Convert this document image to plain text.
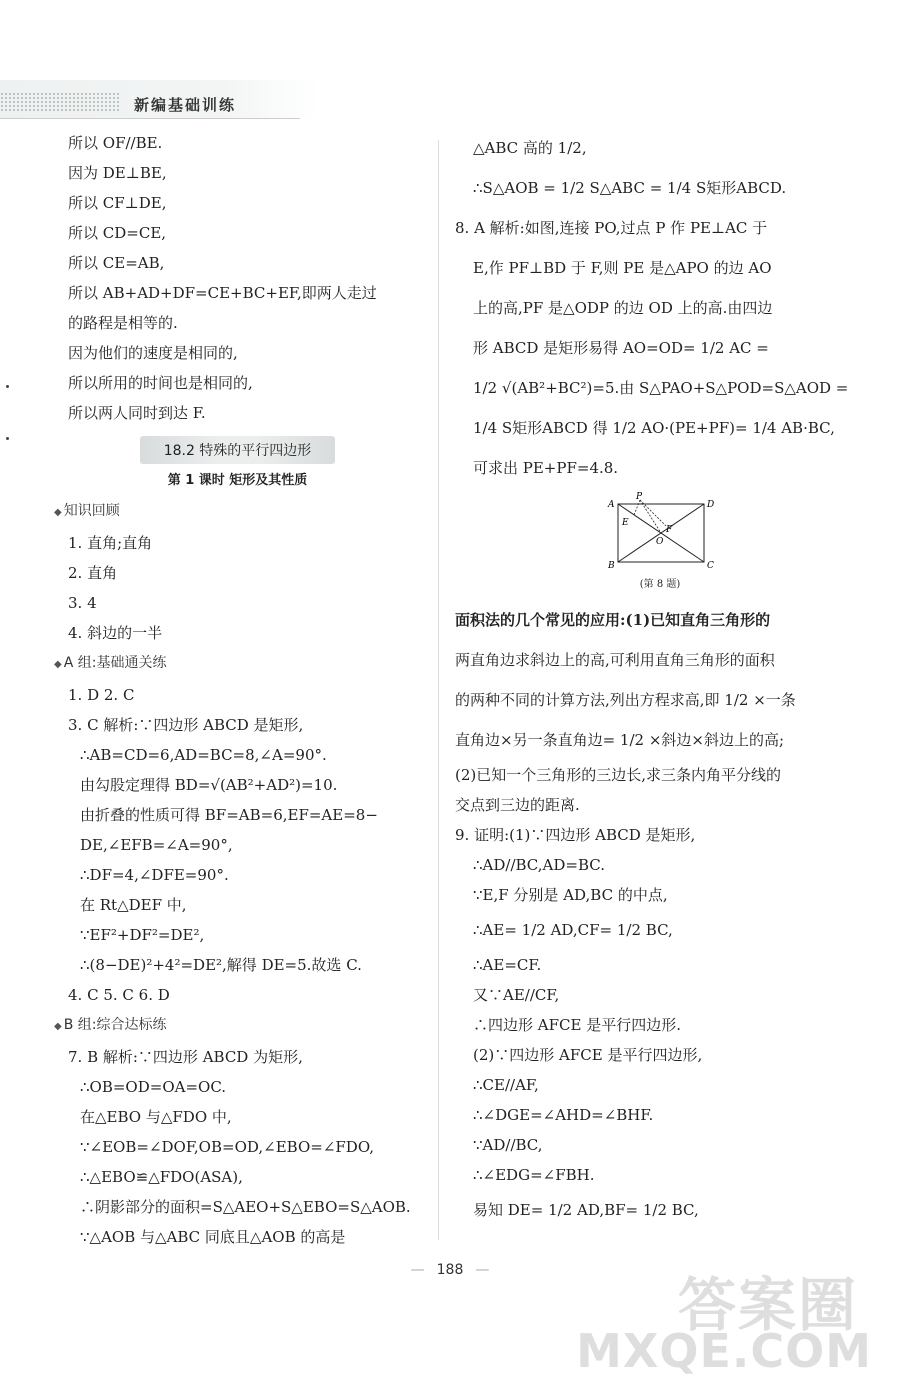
新编基础训练
所以 OF//BE.
因为 DE⊥BE,
所以 CF⊥DE,
所以 CD=CE,
所以 CE=AB,
所以 AB+AD+DF=CE+BC+EF,即两人走过
的路程是相等的.
因为他们的速度是相同的,
所以所用的时间也是相同的,
所以两人同时到达 F.
18.2 特殊的平行四边形
第 1 课时 矩形及其性质
◆ 知识回顾
1. 直角;直角
2. 直角
3. 4
4. 斜边的一半
◆ A 组:基础通关练
1. D 2. C
3. C 解析:∵四边形 ABCD 是矩形,
∴AB=CD=6,AD=BC=8,∠A=90°.
由勾股定理得 BD=√(AB²+AD²)=10.
由折叠的性质可得 BF=AB=6,EF=AE=8−
DE,∠EFB=∠A=90°,
∴DF=4,∠DFE=90°.
在 Rt△DEF 中,
∵EF²+DF²=DE²,
∴(8−DE)²+4²=DE²,解得 DE=5.故选 C.
4. C 5. C 6. D
◆ B 组:综合达标练
7. B 解析:∵四边形 ABCD 为矩形,
∴OB=OD=OA=OC.
在△EBO 与△FDO 中,
∵∠EOB=∠DOF,OB=OD,∠EBO=∠FDO,
∴△EBO≌△FDO(ASA),
∴阴影部分的面积=S△AEO+S△EBO=S△AOB.
∵△AOB 与△ABC 同底且△AOB 的高是
△ABC 高的 1/2,
∴S△AOB = 1/2 S△ABC = 1/4 S矩形ABCD.
8. A 解析:如图,连接 PO,过点 P 作 PE⊥AC 于
E,作 PF⊥BD 于 F,则 PE 是△APO 的边 AO
上的高,PF 是△ODP 的边 OD 上的高.由四边
形 ABCD 是矩形易得 AO=OD= 1/2 AC =
1/2 √(AB²+BC²)=5.由 S△PAO+S△POD=S△AOD =
1/4 S矩形ABCD 得 1/2 AO·(PE+PF)= 1/4 AB·BC,
可求出 PE+PF=4.8.
P
A	D
E
F
O
B	C
(第 8 题)
面积法的几个常见的应用:(1)已知直角三角形的
两直角边求斜边上的高,可利用直角三角形的面积
的两种不同的计算方法,列出方程求高,即 1/2 ×一条
直角边×另一条直角边= 1/2 ×斜边×斜边上的高;
(2)已知一个三角形的三边长,求三条内角平分线的
交点到三边的距离.
9. 证明:(1)∵四边形 ABCD 是矩形,
∴AD//BC,AD=BC.
∵E,F 分别是 AD,BC 的中点,
∴AE= 1/2 AD,CF= 1/2 BC,
∴AE=CF.
又∵AE//CF,
∴四边形 AFCE 是平行四边形.
(2)∵四边形 AFCE 是平行四边形,
∴CE//AF,
∴∠DGE=∠AHD=∠BHF.
∵AD//BC,
∴∠EDG=∠FBH.
易知 DE= 1/2 AD,BF= 1/2 BC,
— 188 —
答案圈
MXQE.COM
